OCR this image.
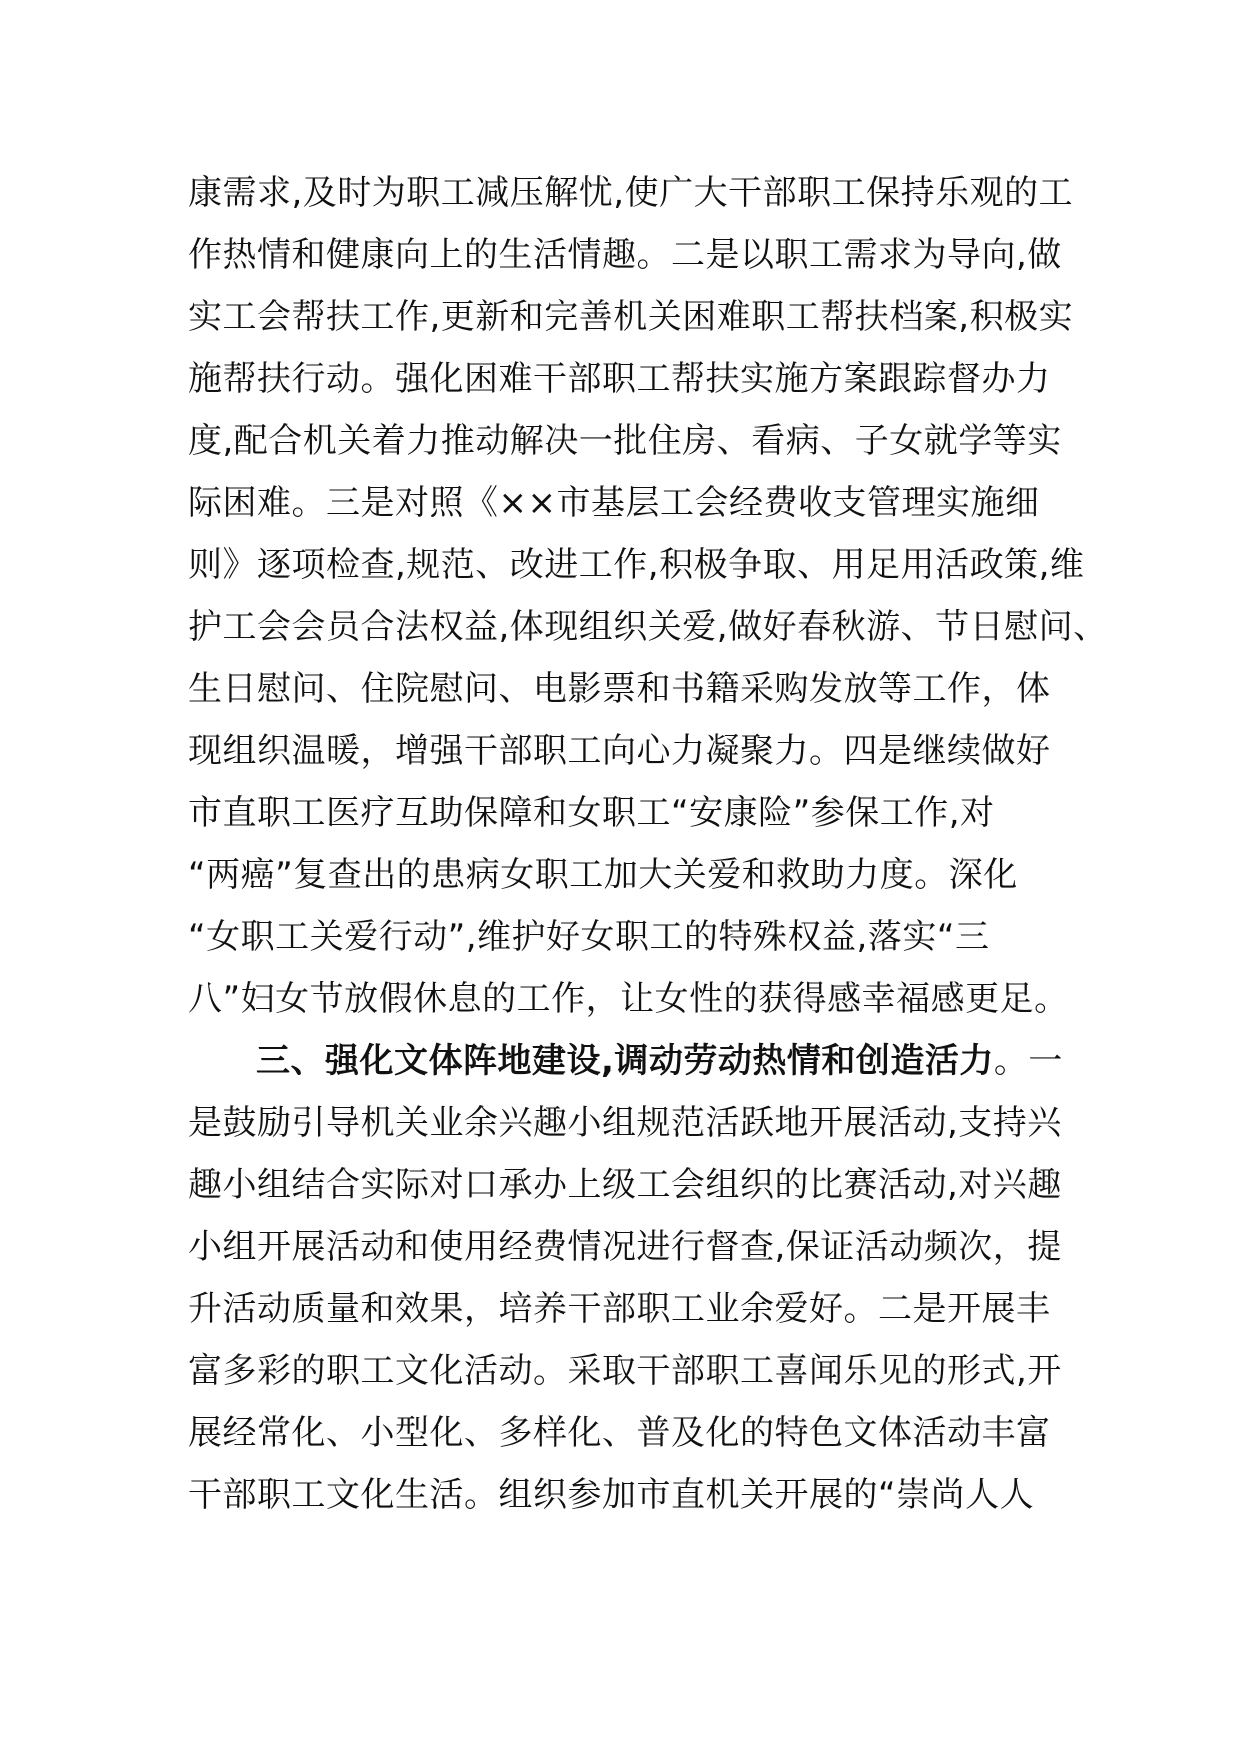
康需求,及时为职工减压解忧,使广大干部职工保持乐观的工
作热情和健康向上的生活情趣。二是以职工需求为导向,做
实工会帮扶工作,更新和完善机关困难职工帮扶档案,积极实
施帮扶行动。强化困难干部职工帮扶实施方案跟踪督办力
度,配合机关着力推动解决一批住房、看病、子女就学等实
际困难。三是对照《××市基层工会经费收支管理实施细
则》逐项检查,规范、改进工作,积极争取、用足用活政策,维
护工会会员合法权益,体现组织关爱,做好春秋游、节日慰问、
生日慰问、住院慰问、电影票和书籍采购发放等工作，体
现组织温暖，增强干部职工向心力凝聚力。四是继续做好
市直职工医疗互助保障和女职工“安康险”参保工作,对
“两癌”复查出的患病女职工加大关爱和救助力度。深化
“女职工关爱行动”,维护好女职工的特殊权益,落实“三
八”妇女节放假休息的工作，让女性的获得感幸福感更足。
三、强化文体阵地建设,调动劳动热情和创造活力。一
是鼓励引导机关业余兴趣小组规范活跃地开展活动,支持兴
趣小组结合实际对口承办上级工会组织的比赛活动,对兴趣
小组开展活动和使用经费情况进行督查,保证活动频次，提
升活动质量和效果，培养干部职工业余爱好。二是开展丰
富多彩的职工文化活动。采取干部职工喜闻乐见的形式,开
展经常化、小型化、多样化、普及化的特色文体活动丰富
干部职工文化生活。组织参加市直机关开展的“崇尚人人
